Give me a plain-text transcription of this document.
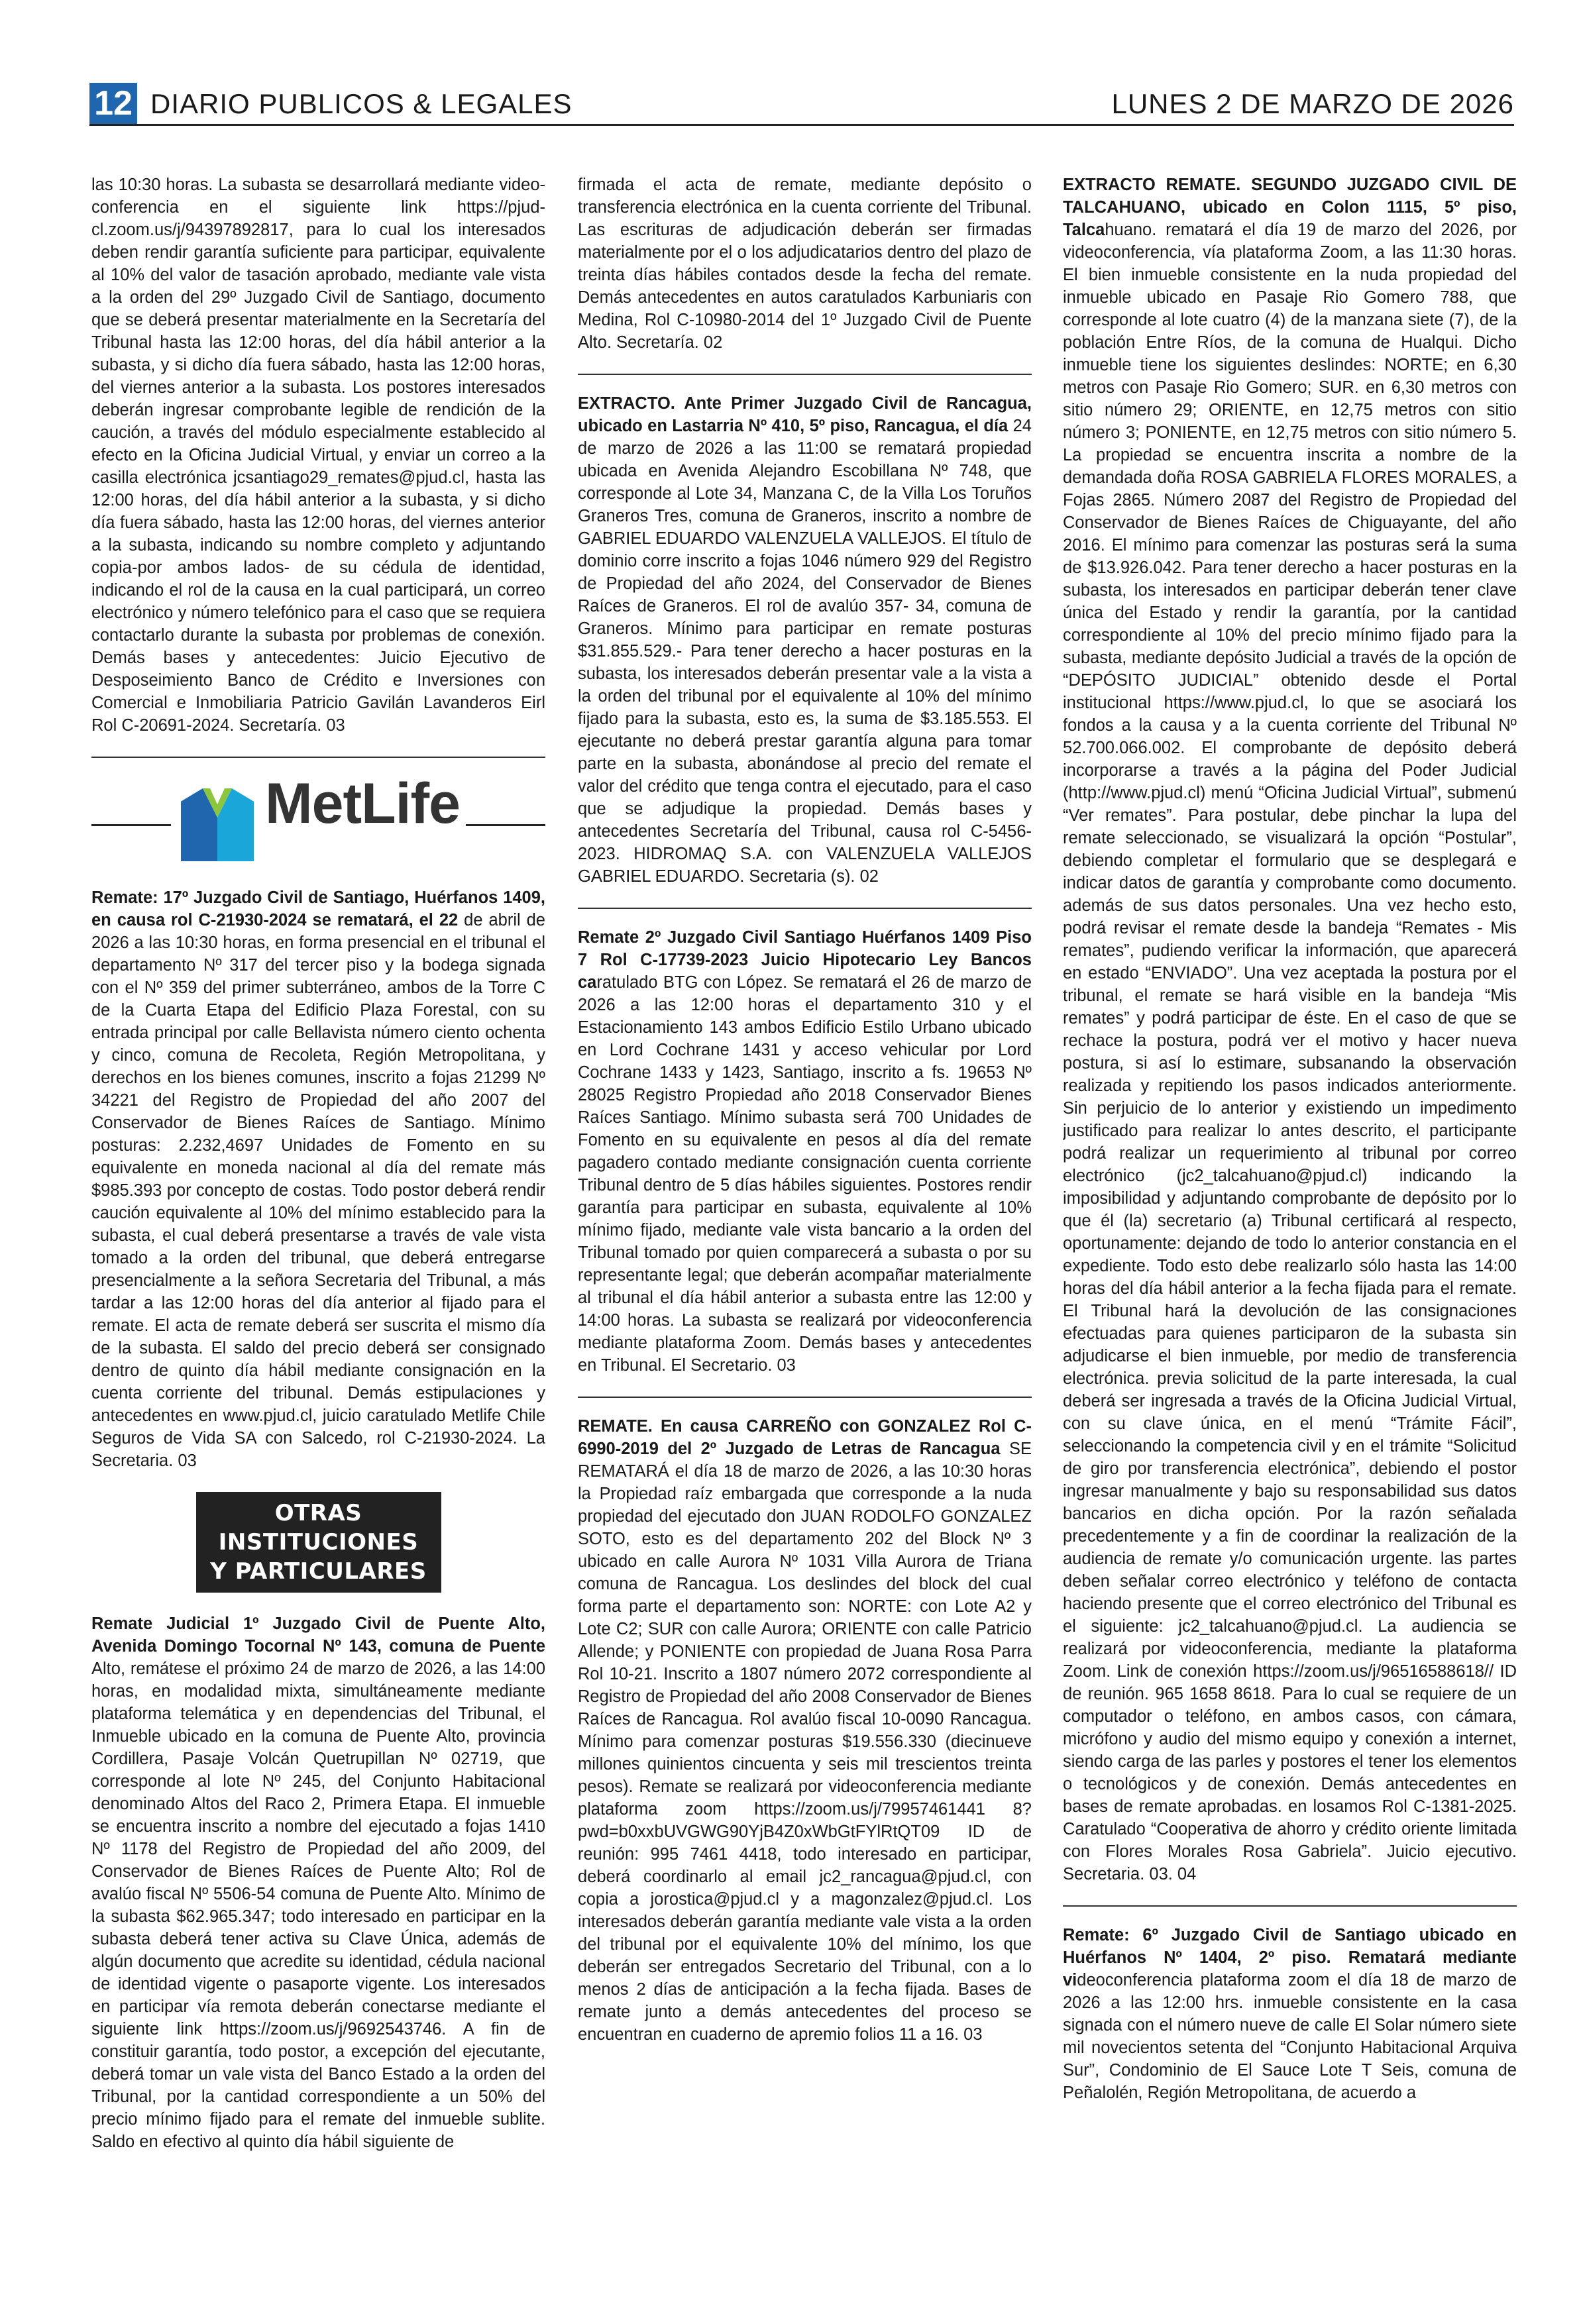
12 DIARIO PUBLICOS & LEGALES	LUNES 2 DE MARZO DE 2026

las 10:30 horas. La subasta se desarrollará mediante video-conferencia en el siguiente link https://pjud-cl.zoom.us/j/94397892817, para lo cual los interesados deben rendir garantía suficiente para participar, equivalente al 10% del valor de tasación aprobado, mediante vale vista a la orden del 29º Juzgado Civil de Santiago, documento que se deberá presentar materialmente en la Secretaría del Tribunal hasta las 12:00 horas, del día hábil anterior a la subasta, y si dicho día fuera sábado, hasta las 12:00 horas, del viernes anterior a la subasta. Los postores interesados deberán ingresar comprobante legible de rendición de la caución, a través del módulo especialmente establecido al efecto en la Oficina Judicial Virtual, y enviar un correo a la casilla electrónica jcsantiago29_remates@pjud.cl, hasta las 12:00 horas, del día hábil anterior a la subasta, y si dicho día fuera sábado, hasta las 12:00 horas, del viernes anterior a la subasta, indicando su nombre completo y adjuntando copia-por ambos lados- de su cédula de identidad, indicando el rol de la causa en la cual participará, un correo electrónico y número telefónico para el caso que se requiera contactarlo durante la subasta por problemas de conexión. Demás bases y antecedentes: Juicio Ejecutivo de Desposeimiento Banco de Crédito e Inversiones con Comercial e Inmobiliaria Patricio Gavilán Lavanderos Eirl Rol C-20691-2024. Secretaría. 03

MetLife

Remate: 17º Juzgado Civil de Santiago, Huérfanos 1409, en causa rol C-21930-2024 se rematará, el 22 de abril de 2026 a las 10:30 horas, en forma presencial en el tribunal el departamento Nº 317 del tercer piso y la bodega signada con el Nº 359 del primer subterráneo, ambos de la Torre C de la Cuarta Etapa del Edificio Plaza Forestal, con su entrada principal por calle Bellavista número ciento ochenta y cinco, comuna de Recoleta, Región Metropolitana, y derechos en los bienes comunes, inscrito a fojas 21299 Nº 34221 del Registro de Propiedad del año 2007 del Conservador de Bienes Raíces de Santiago. Mínimo posturas: 2.232,4697 Unidades de Fomento en su equivalente en moneda nacional al día del remate más $985.393 por concepto de costas. Todo postor deberá rendir caución equivalente al 10% del mínimo establecido para la subasta, el cual deberá presentarse a través de vale vista tomado a la orden del tribunal, que deberá entregarse presencialmente a la señora Secretaria del Tribunal, a más tardar a las 12:00 horas del día anterior al fijado para el remate. El acta de remate deberá ser suscrita el mismo día de la subasta. El saldo del precio deberá ser consignado dentro de quinto día hábil mediante consignación en la cuenta corriente del tribunal. Demás estipulaciones y antecedentes en www.pjud.cl, juicio caratulado Metlife Chile Seguros de Vida SA con Salcedo, rol C-21930-2024. La Secretaria. 03

OTRAS INSTITUCIONES
Y PARTICULARES

Remate Judicial 1º Juzgado Civil de Puente Alto, Avenida Domingo Tocornal Nº 143, comuna de Puente Alto, remátese el próximo 24 de marzo de 2026, a las 14:00 horas, en modalidad mixta, simultáneamente mediante plataforma telemática y en dependencias del Tribunal, el Inmueble ubicado en la comuna de Puente Alto, provincia Cordillera, Pasaje Volcán Quetrupillan Nº 02719, que corresponde al lote Nº 245, del Conjunto Habitacional denominado Altos del Raco 2, Primera Etapa. El inmueble se encuentra inscrito a nombre del ejecutado a fojas 1410 Nº 1178 del Registro de Propiedad del año 2009, del Conservador de Bienes Raíces de Puente Alto; Rol de avalúo fiscal Nº 5506-54 comuna de Puente Alto. Mínimo de la subasta $62.965.347; todo interesado en participar en la subasta deberá tener activa su Clave Única, además de algún documento que acredite su identidad, cédula nacional de identidad vigente o pasaporte vigente. Los interesados en participar vía remota deberán conectarse mediante el siguiente link https://zoom.us/j/9692543746. A fin de constituir garantía, todo postor, a excepción del ejecutante, deberá tomar un vale vista del Banco Estado a la orden del Tribunal, por la cantidad correspondiente a un 50% del precio mínimo fijado para el remate del inmueble sublite. Saldo en efectivo al quinto día hábil siguiente de

firmada el acta de remate, mediante depósito o transferencia electrónica en la cuenta corriente del Tribunal. Las escrituras de adjudicación deberán ser firmadas materialmente por el o los adjudicatarios dentro del plazo de treinta días hábiles contados desde la fecha del remate. Demás antecedentes en autos caratulados Karbuniaris con Medina, Rol C-10980-2014 del 1º Juzgado Civil de Puente Alto. Secretaría. 02

EXTRACTO. Ante Primer Juzgado Civil de Rancagua, ubicado en Lastarria Nº 410, 5º piso, Rancagua, el día 24 de marzo de 2026 a las 11:00 se rematará propiedad ubicada en Avenida Alejandro Escobillana Nº 748, que corresponde al Lote 34, Manzana C, de la Villa Los Toruños Graneros Tres, comuna de Graneros, inscrito a nombre de GABRIEL EDUARDO VALENZUELA VALLEJOS. El título de dominio corre inscrito a fojas 1046 número 929 del Registro de Propiedad del año 2024, del Conservador de Bienes Raíces de Graneros. El rol de avalúo 357- 34, comuna de Graneros. Mínimo para participar en remate posturas $31.855.529.- Para tener derecho a hacer posturas en la subasta, los interesados deberán presentar vale a la vista a la orden del tribunal por el equivalente al 10% del mínimo fijado para la subasta, esto es, la suma de $3.185.553. El ejecutante no deberá prestar garantía alguna para tomar parte en la subasta, abonándose al precio del remate el valor del crédito que tenga contra el ejecutado, para el caso que se adjudique la propiedad. Demás bases y antecedentes Secretaría del Tribunal, causa rol C-5456-2023. HIDROMAQ S.A. con VALENZUELA VALLEJOS GABRIEL EDUARDO. Secretaria (s). 02

Remate 2º Juzgado Civil Santiago Huérfanos 1409 Piso 7 Rol C-17739-2023 Juicio Hipotecario Ley Bancos caratulado BTG con López. Se rematará el 26 de marzo de 2026 a las 12:00 horas el departamento 310 y el Estacionamiento 143 ambos Edificio Estilo Urbano ubicado en Lord Cochrane 1431 y acceso vehicular por Lord Cochrane 1433 y 1423, Santiago, inscrito a fs. 19653 Nº 28025 Registro Propiedad año 2018 Conservador Bienes Raíces Santiago. Mínimo subasta será 700 Unidades de Fomento en su equivalente en pesos al día del remate pagadero contado mediante consignación cuenta corriente Tribunal dentro de 5 días hábiles siguientes. Postores rendir garantía para participar en subasta, equivalente al 10% mínimo fijado, mediante vale vista bancario a la orden del Tribunal tomado por quien comparecerá a subasta o por su representante legal; que deberán acompañar materialmente al tribunal el día hábil anterior a subasta entre las 12:00 y 14:00 horas. La subasta se realizará por videoconferencia mediante plataforma Zoom. Demás bases y antecedentes en Tribunal. El Secretario. 03

REMATE. En causa CARREÑO con GONZALEZ Rol C-6990-2019 del 2º Juzgado de Letras de Rancagua SE REMATARÁ el día 18 de marzo de 2026, a las 10:30 horas la Propiedad raíz embargada que corresponde a la nuda propiedad del ejecutado don JUAN RODOLFO GONZALEZ SOTO, esto es del departamento 202 del Block Nº 3 ubicado en calle Aurora Nº 1031 Villa Aurora de Triana comuna de Rancagua. Los deslindes del block del cual forma parte el departamento son: NORTE: con Lote A2 y Lote C2; SUR con calle Aurora; ORIENTE con calle Patricio Allende; y PONIENTE con propiedad de Juana Rosa Parra Rol 10-21. Inscrito a 1807 número 2072 correspondiente al Registro de Propiedad del año 2008 Conservador de Bienes Raíces de Rancagua. Rol avalúo fiscal 10-0090 Rancagua. Mínimo para comenzar posturas $19.556.330 (diecinueve millones quinientos cincuenta y seis mil trescientos treinta pesos). Remate se realizará por videoconferencia mediante plataforma zoom https://zoom.us/j/79957461441 8?pwd=b0xxbUVGWG90YjB4Z0xWbGtFYlRtQT09 ID de reunión: 995 7461 4418, todo interesado en participar, deberá coordinarlo al email jc2_rancagua@pjud.cl, con copia a jorostica@pjud.cl y a magonzalez@pjud.cl. Los interesados deberán garantía mediante vale vista a la orden del tribunal por el equivalente 10% del mínimo, los que deberán ser entregados Secretario del Tribunal, con a lo menos 2 días de anticipación a la fecha fijada. Bases de remate junto a demás antecedentes del proceso se encuentran en cuaderno de apremio folios 11 a 16. 03

EXTRACTO REMATE. SEGUNDO JUZGADO CIVIL DE TALCAHUANO, ubicado en Colon 1115, 5º piso, Talcahuano. rematará el día 19 de marzo del 2026, por videoconferencia, vía plataforma Zoom, a las 11:30 horas. El bien inmueble consistente en la nuda propiedad del inmueble ubicado en Pasaje Rio Gomero 788, que corresponde al lote cuatro (4) de la manzana siete (7), de la población Entre Ríos, de la comuna de Hualqui. Dicho inmueble tiene los siguientes deslindes: NORTE; en 6,30 metros con Pasaje Rio Gomero; SUR. en 6,30 metros con sitio número 29; ORIENTE, en 12,75 metros con sitio número 3; PONIENTE, en 12,75 metros con sitio número 5. La propiedad se encuentra inscrita a nombre de la demandada doña ROSA GABRIELA FLORES MORALES, a Fojas 2865. Número 2087 del Registro de Propiedad del Conservador de Bienes Raíces de Chiguayante, del año 2016. El mínimo para comenzar las posturas será la suma de $13.926.042. Para tener derecho a hacer posturas en la subasta, los interesados en participar deberán tener clave única del Estado y rendir la garantía, por la cantidad correspondiente al 10% del precio mínimo fijado para la subasta, mediante depósito Judicial a través de la opción de “DEPÓSITO JUDICIAL” obtenido desde el Portal institucional https://www.pjud.cl, lo que se asociará los fondos a la causa y a la cuenta corriente del Tribunal Nº 52.700.066.002. El comprobante de depósito deberá incorporarse a través a la página del Poder Judicial (http://www.pjud.cl) menú “Oficina Judicial Virtual”, submenú “Ver remates”. Para postular, debe pinchar la lupa del remate seleccionado, se visualizará la opción “Postular”, debiendo completar el formulario que se desplegará e indicar datos de garantía y comprobante como documento. además de sus datos personales. Una vez hecho esto, podrá revisar el remate desde la bandeja “Remates - Mis remates”, pudiendo verificar la información, que aparecerá en estado “ENVIADO”. Una vez aceptada la postura por el tribunal, el remate se hará visible en la bandeja “Mis remates” y podrá participar de éste. En el caso de que se rechace la postura, podrá ver el motivo y hacer nueva postura, si así lo estimare, subsanando la observación realizada y repitiendo los pasos indicados anteriormente. Sin perjuicio de lo anterior y existiendo un impedimento justificado para realizar lo antes descrito, el participante podrá realizar un requerimiento al tribunal por correo electrónico (jc2_talcahuano@pjud.cl) indicando la imposibilidad y adjuntando comprobante de depósito por lo que él (la) secretario (a) Tribunal certificará al respecto, oportunamente: dejando de todo lo anterior constancia en el expediente. Todo esto debe realizarlo sólo hasta las 14:00 horas del día hábil anterior a la fecha fijada para el remate. El Tribunal hará la devolución de las consignaciones efectuadas para quienes participaron de la subasta sin adjudicarse el bien inmueble, por medio de transferencia electrónica. previa solicitud de la parte interesada, la cual deberá ser ingresada a través de la Oficina Judicial Virtual, con su clave única, en el menú “Trámite Fácil”, seleccionando la competencia civil y en el trámite “Solicitud de giro por transferencia electrónica”, debiendo el postor ingresar manualmente y bajo su responsabilidad sus datos bancarios en dicha opción. Por la razón señalada precedentemente y a fin de coordinar la realización de la audiencia de remate y/o comunicación urgente. las partes deben señalar correo electrónico y teléfono de contacta haciendo presente que el correo electrónico del Tribunal es el siguiente: jc2_talcahuano@pjud.cl. La audiencia se realizará por videoconferencia, mediante la plataforma Zoom. Link de conexión https://zoom.us/j/96516588618// ID de reunión. 965 1658 8618. Para lo cual se requiere de un computador o teléfono, en ambos casos, con cámara, micrófono y audio del mismo equipo y conexión a internet, siendo carga de las parles y postores el tener los elementos o tecnológicos y de conexión. Demás antecedentes en bases de remate aprobadas. en losamos Rol C-1381-2025. Caratulado “Cooperativa de ahorro y crédito oriente limitada con Flores Morales Rosa Gabriela”. Juicio ejecutivo. Secretaria. 03. 04

Remate: 6º Juzgado Civil de Santiago ubicado en Huérfanos Nº 1404, 2º piso. Rematará mediante videoconferencia plataforma zoom el día 18 de marzo de 2026 a las 12:00 hrs. inmueble consistente en la casa signada con el número nueve de calle El Solar número siete mil novecientos setenta del “Conjunto Habitacional Arquiva Sur”, Condominio de El Sauce Lote T Seis, comuna de Peñalolén, Región Metropolitana, de acuerdo a
